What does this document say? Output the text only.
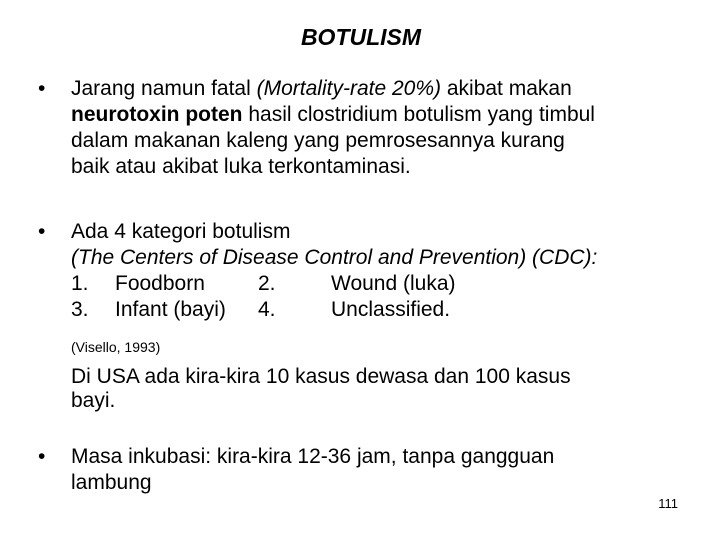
BOTULISM
• Jarang namun fatal (Mortality-rate 20%) akibat makan
neurotoxin poten hasil clostridium botulism yang timbul
dalam makanan kaleng yang pemrosesannya kurang
baik atau akibat luka terkontaminasi.
• Ada 4 kategori botulism
(The Centers of Disease Control and Prevention) (CDC):
1. Foodborn	2.	Wound (luka)
3. Infant (bayi) 4.	Unclassified.
(Visello, 1993)
Di USA ada kira-kira 10 kasus dewasa dan 100 kasus
bayi.
• Masa inkubasi: kira-kira 12-36 jam, tanpa gangguan
lambung
111
